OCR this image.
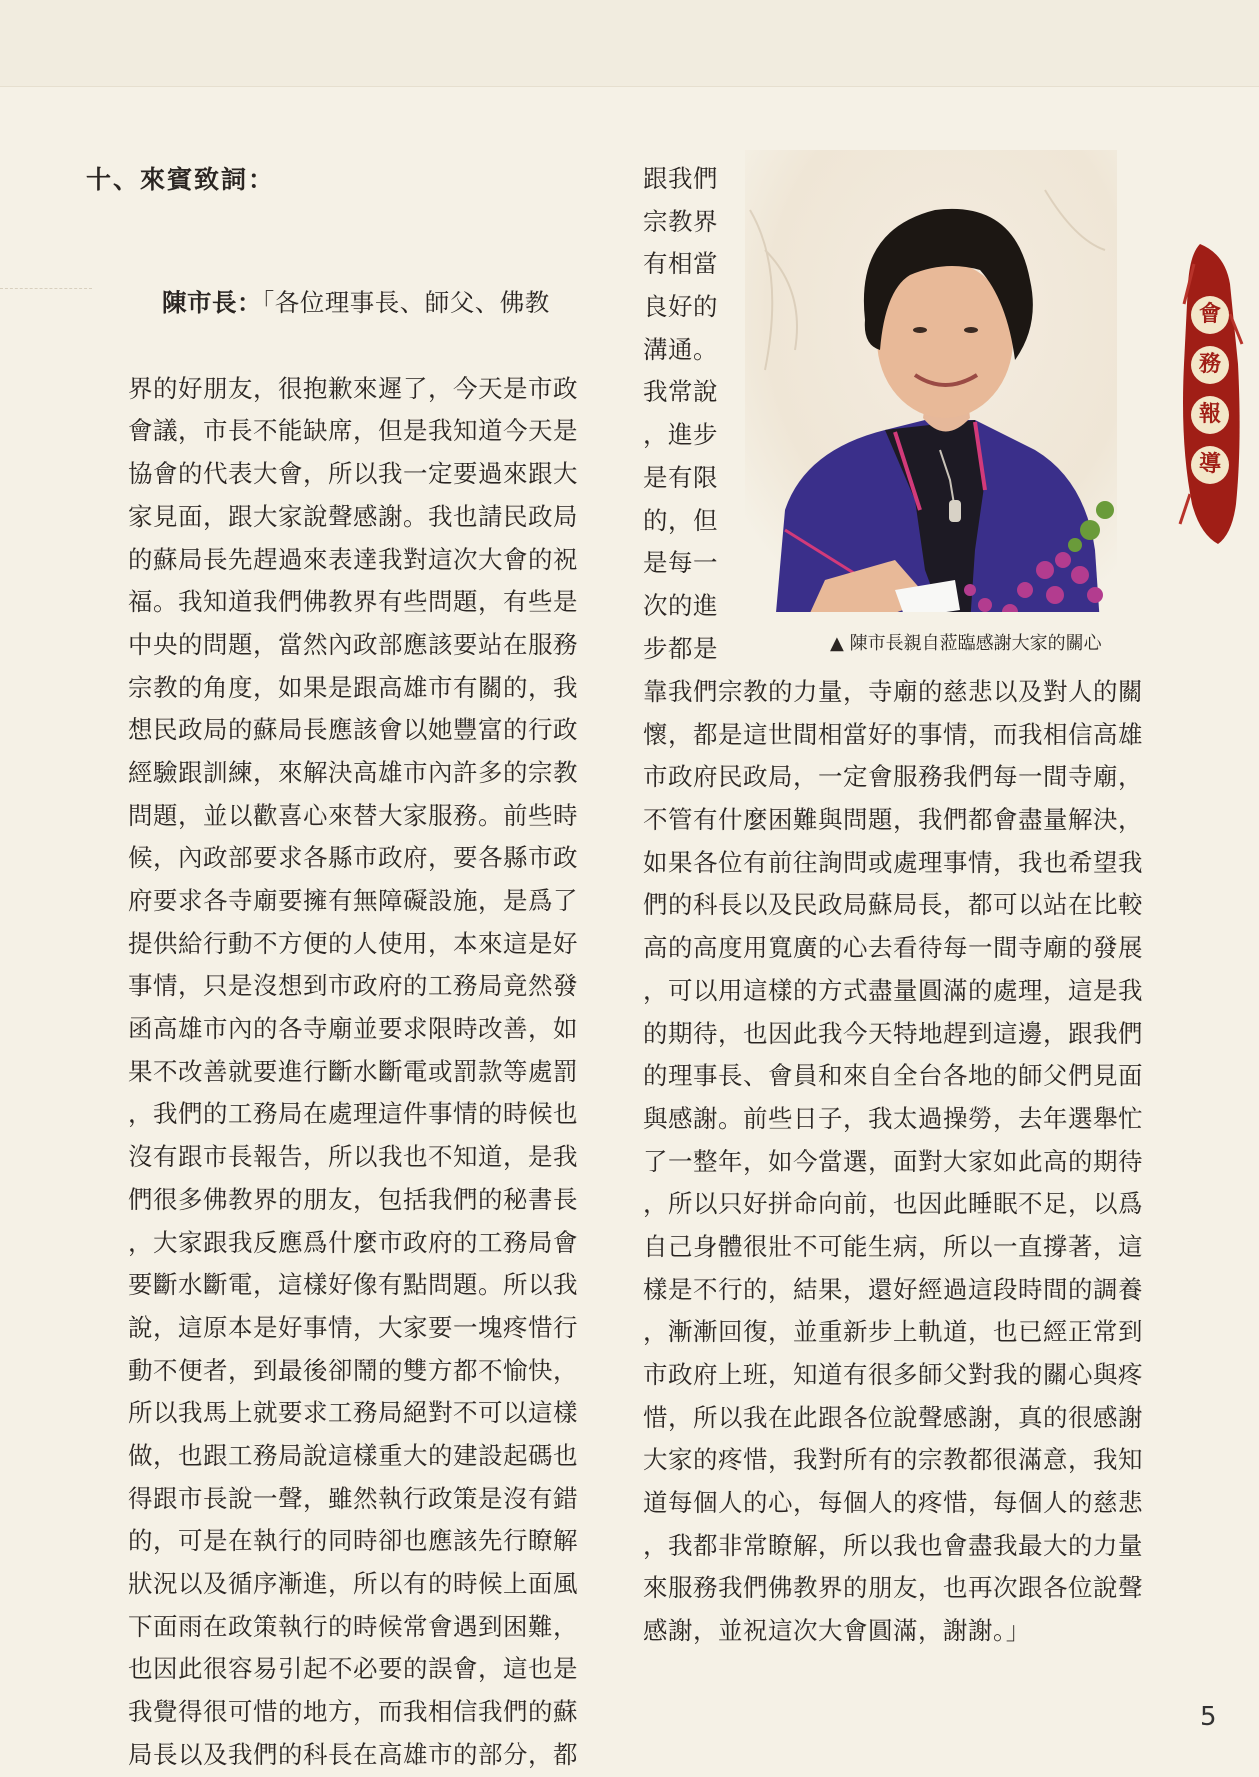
十、來賓致詞：

陳市長：「各位理事長、師父、佛教

界的好朋友，很抱歉來遲了，今天是市政
會議，市長不能缺席，但是我知道今天是
協會的代表大會，所以我一定要過來跟大
家見面，跟大家說聲感謝。我也請民政局
的蘇局長先趕過來表達我對這次大會的祝
福。我知道我們佛教界有些問題，有些是
中央的問題，當然內政部應該要站在服務
宗教的角度，如果是跟高雄市有關的，我
想民政局的蘇局長應該會以她豐富的行政
經驗跟訓練，來解決高雄市內許多的宗教
問題，並以歡喜心來替大家服務。前些時
候，內政部要求各縣市政府，要各縣市政
府要求各寺廟要擁有無障礙設施，是爲了
提供給行動不方便的人使用，本來這是好
事情，只是沒想到市政府的工務局竟然發
函高雄市內的各寺廟並要求限時改善，如
果不改善就要進行斷水斷電或罰款等處罰
，我們的工務局在處理這件事情的時候也
沒有跟市長報告，所以我也不知道，是我
們很多佛教界的朋友，包括我們的秘書長
，大家跟我反應爲什麼市政府的工務局會
要斷水斷電，這樣好像有點問題。所以我
說，這原本是好事情，大家要一塊疼惜行
動不便者，到最後卻鬧的雙方都不愉快，
所以我馬上就要求工務局絕對不可以這樣
做，也跟工務局說這樣重大的建設起碼也
得跟市長說一聲，雖然執行政策是沒有錯
的，可是在執行的同時卻也應該先行瞭解
狀況以及循序漸進，所以有的時候上面風
下面雨在政策執行的時候常會遇到困難，
也因此很容易引起不必要的誤會，這也是
我覺得很可惜的地方，而我相信我們的蘇
局長以及我們的科長在高雄市的部分，都
跟我們
宗教界
有相當
良好的
溝通。
我常說
，進步
是有限
的，但
是每一
次的進
步都是
靠我們宗教的力量，寺廟的慈悲以及對人的關
懷，都是這世間相當好的事情，而我相信高雄
市政府民政局，一定會服務我們每一間寺廟，
不管有什麼困難與問題，我們都會盡量解決，
如果各位有前往詢問或處理事情，我也希望我
們的科長以及民政局蘇局長，都可以站在比較
高的高度用寬廣的心去看待每一間寺廟的發展
，可以用這樣的方式盡量圓滿的處理，這是我
的期待，也因此我今天特地趕到這邊，跟我們
的理事長、會員和來自全台各地的師父們見面
與感謝。前些日子，我太過操勞，去年選舉忙
了一整年，如今當選，面對大家如此高的期待
，所以只好拼命向前，也因此睡眠不足，以爲
自己身體很壯不可能生病，所以一直撐著，這
樣是不行的，結果，還好經過這段時間的調養
，漸漸回復，並重新步上軌道，也已經正常到
市政府上班，知道有很多師父對我的關心與疼
惜，所以我在此跟各位說聲感謝，真的很感謝
大家的疼惜，我對所有的宗教都很滿意，我知
道每個人的心，每個人的疼惜，每個人的慈悲
，我都非常瞭解，所以我也會盡我最大的力量
來服務我們佛教界的朋友，也再次跟各位說聲
感謝，並祝這次大會圓滿，謝謝。」
▲ 陳市長親自蒞臨感謝大家的關心
會
務
報
導
5
